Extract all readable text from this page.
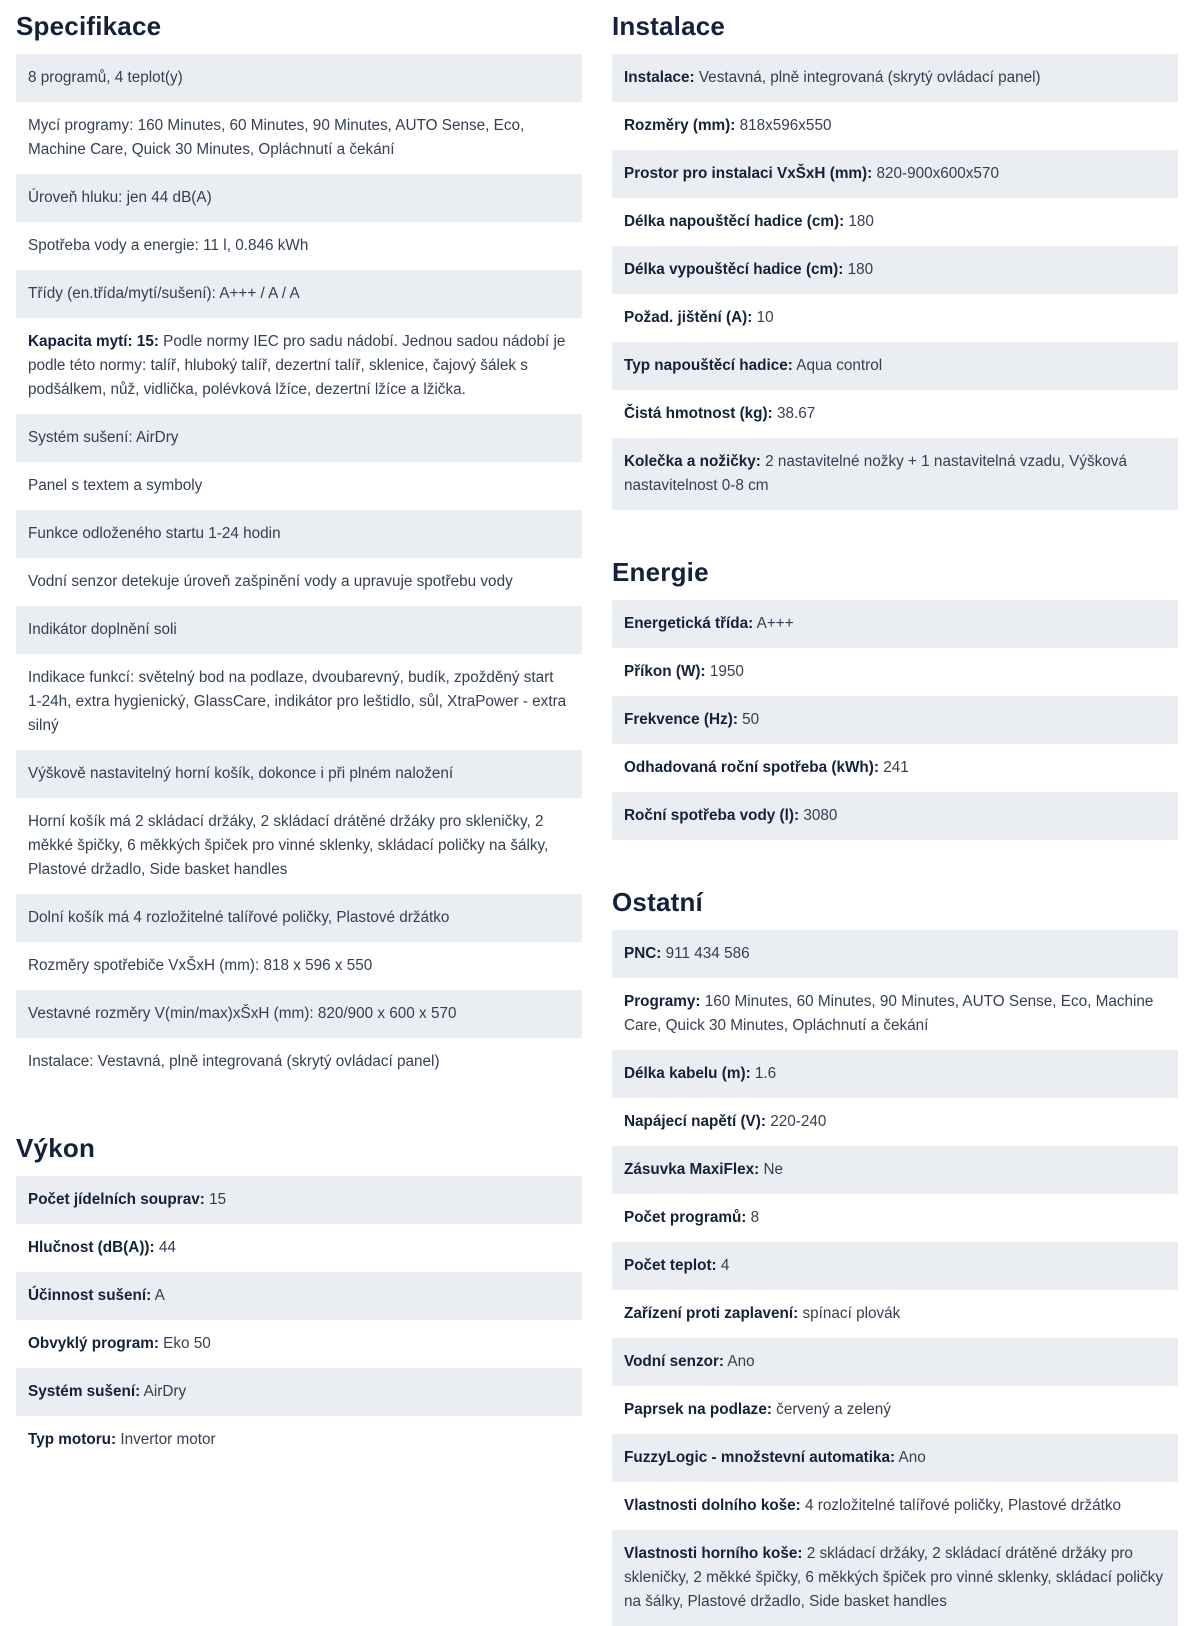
Specifikace
8 programů, 4 teplot(y)
Mycí programy: 160 Minutes, 60 Minutes, 90 Minutes, AUTO Sense, Eco, Machine Care, Quick 30 Minutes, Opláchnutí a čekání
Úroveň hluku: jen 44 dB(A)
Spotřeba vody a energie: 11 l, 0.846 kWh
Třídy (en.třída/mytí/sušení): A+++ / A / A
Kapacita mytí: 15: Podle normy IEC pro sadu nádobí. Jednou sadou nádobí je podle této normy: talíř, hluboký talíř, dezertní talíř, sklenice, čajový šálek s podšálkem, nůž, vidlička, polévková lžíce, dezertní lžíce a lžička.
Systém sušení: AirDry
Panel s textem a symboly
Funkce odloženého startu 1-24 hodin
Vodní senzor detekuje úroveň zašpinění vody a upravuje spotřebu vody
Indikátor doplnění soli
Indikace funkcí: světelný bod na podlaze, dvoubarevný, budík, zpožděný start 1-24h, extra hygienický, GlassCare, indikátor pro leštidlo, sůl, XtraPower - extra silný
Výškově nastavitelný horní košík, dokonce i při plném naložení
Horní košík má 2 skládací držáky, 2 skládací drátěné držáky pro skleničky, 2 měkké špičky, 6 měkkých špiček pro vinné sklenky, skládací poličky na šálky, Plastové držadlo, Side basket handles
Dolní košík má 4 rozložitelné talířové poličky, Plastové držátko
Rozměry spotřebiče VxŠxH (mm): 818 x 596 x 550
Vestavné rozměry V(min/max)xŠxH (mm): 820/900 x 600 x 570
Instalace: Vestavná, plně integrovaná (skrytý ovládací panel)
Výkon
Počet jídelních souprav: 15
Hlučnost (dB(A)): 44
Účinnost sušení: A
Obvyklý program: Eko 50
Systém sušení: AirDry
Typ motoru: Invertor motor
Instalace
Instalace: Vestavná, plně integrovaná (skrytý ovládací panel)
Rozměry (mm): 818x596x550
Prostor pro instalaci VxŠxH (mm): 820-900x600x570
Délka napouštěcí hadice (cm): 180
Délka vypouštěcí hadice (cm): 180
Požad. jištění (A): 10
Typ napouštěcí hadice: Aqua control
Čistá hmotnost (kg): 38.67
Kolečka a nožičky: 2 nastavitelné nožky + 1 nastavitelná vzadu, Výšková nastavitelnost 0-8 cm
Energie
Energetická třída: A+++
Příkon (W): 1950
Frekvence (Hz): 50
Odhadovaná roční spotřeba (kWh): 241
Roční spotřeba vody (l): 3080
Ostatní
PNC: 911 434 586
Programy: 160 Minutes, 60 Minutes, 90 Minutes, AUTO Sense, Eco, Machine Care, Quick 30 Minutes, Opláchnutí a čekání
Délka kabelu (m): 1.6
Napájecí napětí (V): 220-240
Zásuvka MaxiFlex: Ne
Počet programů: 8
Počet teplot: 4
Zařízení proti zaplavení: spínací plovák
Vodní senzor: Ano
Paprsek na podlaze: červený a zelený
FuzzyLogic - množstevní automatika: Ano
Vlastnosti dolního koše: 4 rozložitelné talířové poličky, Plastové držátko
Vlastnosti horního koše: 2 skládací držáky, 2 skládací drátěné držáky pro skleničky, 2 měkké špičky, 6 měkkých špiček pro vinné sklenky, skládací poličky na šálky, Plastové držadlo, Side basket handles
